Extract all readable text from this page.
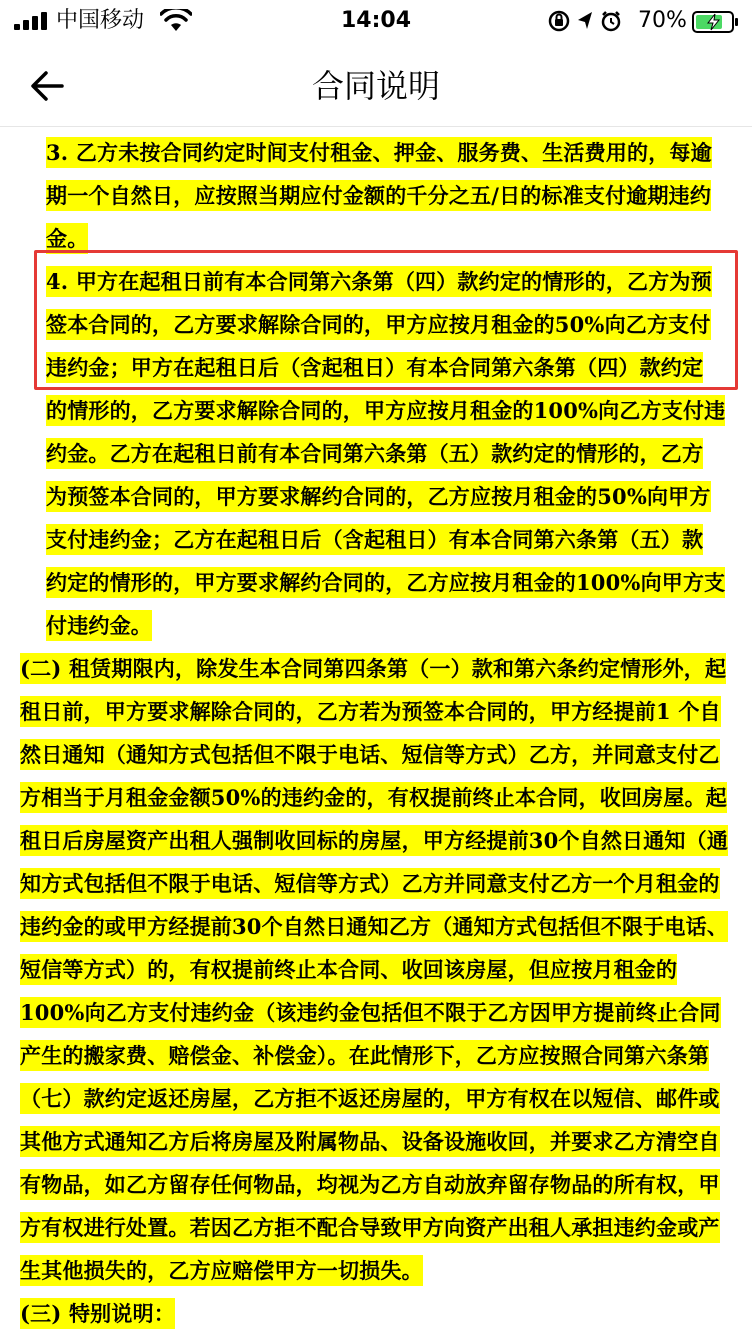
中国移动	14:04	70%
合同说明
3. 乙方未按合同约定时间支付租金、押金、服务费、生活费用的，每逾
期一个自然日，应按照当期应付金额的千分之五/日的标准支付逾期违约
金。
4. 甲方在起租日前有本合同第六条第（四）款约定的情形的，乙方为预
签本合同的，乙方要求解除合同的，甲方应按月租金的50%向乙方支付
违约金；甲方在起租日后（含起租日）有本合同第六条第（四）款约定
的情形的，乙方要求解除合同的，甲方应按月租金的100%向乙方支付违
约金。乙方在起租日前有本合同第六条第（五）款约定的情形的，乙方
为预签本合同的，甲方要求解约合同的，乙方应按月租金的50%向甲方
支付违约金；乙方在起租日后（含起租日）有本合同第六条第（五）款
约定的情形的，甲方要求解约合同的，乙方应按月租金的100%向甲方支
付违约金。
(二) 租赁期限内，除发生本合同第四条第（一）款和第六条约定情形外，起
租日前，甲方要求解除合同的，乙方若为预签本合同的，甲方经提前1 个自
然日通知（通知方式包括但不限于电话、短信等方式）乙方，并同意支付乙
方相当于月租金金额50%的违约金的，有权提前终止本合同，收回房屋。起
租日后房屋资产出租人强制收回标的房屋，甲方经提前30个自然日通知（通
知方式包括但不限于电话、短信等方式）乙方并同意支付乙方一个月租金的
违约金的或甲方经提前30个自然日通知乙方（通知方式包括但不限于电话、
短信等方式）的，有权提前终止本合同、收回该房屋，但应按月租金的
100%向乙方支付违约金（该违约金包括但不限于乙方因甲方提前终止合同
产生的搬家费、赔偿金、补偿金）。在此情形下，乙方应按照合同第六条第
（七）款约定返还房屋，乙方拒不返还房屋的，甲方有权在以短信、邮件或
其他方式通知乙方后将房屋及附属物品、设备设施收回，并要求乙方清空自
有物品，如乙方留存任何物品，均视为乙方自动放弃留存物品的所有权，甲
方有权进行处置。若因乙方拒不配合导致甲方向资产出租人承担违约金或产
生其他损失的，乙方应赔偿甲方一切损失。
(三) 特别说明：
